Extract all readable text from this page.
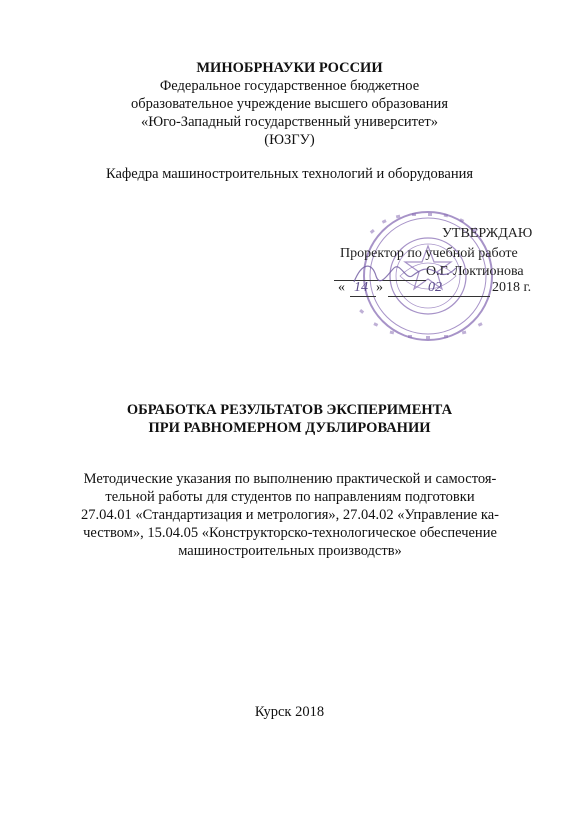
МИНОБРНАУКИ РОССИИ
Федеральное государственное бюджетное
образовательное учреждение высшего образования
«Юго-Западный государственный университет»
(ЮЗГУ)
Кафедра машиностроительных технологий и оборудования
УТВЕРЖДАЮ
Проректор по учебной работе
О.Г. Локтионова
« 14 »	02	2018 г.
ОБРАБОТКА РЕЗУЛЬТАТОВ ЭКСПЕРИМЕНТА
ПРИ РАВНОМЕРНОМ ДУБЛИРОВАНИИ
Методические указания по выполнению практической и самостоя-
тельной работы для студентов по направлениям подготовки
27.04.01 «Стандартизация и метрология», 27.04.02 «Управление ка-
чеством», 15.04.05 «Конструкторско-технологическое обеспечение
машиностроительных производств»
Курск 2018
